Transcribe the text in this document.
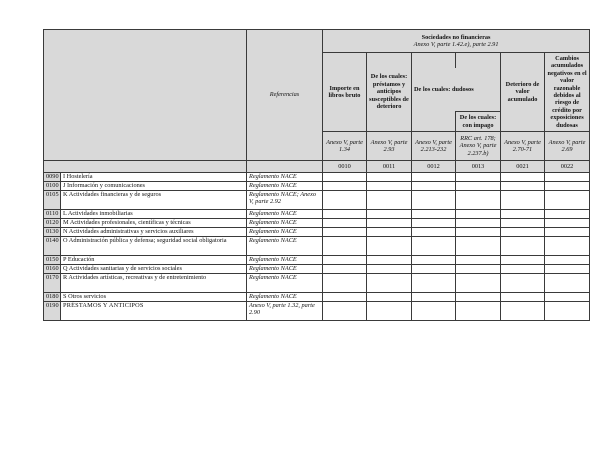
		Referencias	Sociedades no financieras
Anexo V, parte 1.42.e), parte 2.91					

			Importe en libros bruto	De los cuales: préstamos y anticipos susceptibles de deterioro			Deterioro de valor acumulado	Cambios acumulados negativos en el valor razonable debidos al riesgo de crédito por exposiciones dudosas
					De los cuales: dudosos			
						De los cuales: con impago		
			Anexo V, parte 1.34	Anexo V, parte 2.93	Anexo V, parte 2.213-232	RRC art. 178; Anexo V, parte 2.237.b)	Anexo V, parte 2.70-71	Anexo V, parte 2.69
			0010	0011	0012	0013	0021	0022
0090	I Hostelería	Reglamento NACE						
0100	J Información y comunicaciones	Reglamento NACE						
0105	K Actividades financieras y de seguros	Reglamento NACE; Anexo V, parte 2.92						
0110	L Actividades inmobiliarias	Reglamento NACE						
0120	M Actividades profesionales, científicas y técnicas	Reglamento NACE						
0130	N Actividades administrativas y servicios auxiliares	Reglamento NACE						
0140	O Administración pública y defensa; seguridad social obligatoria	Reglamento NACE						
0150	P Educación	Reglamento NACE						
0160	Q Actividades sanitarias y de servicios sociales	Reglamento NACE						
0170	R Actividades artísticas, recreativas y de entretenimiento	Reglamento NACE						
0180	S Otros servicios	Reglamento NACE						
0190	PRÉSTAMOS Y ANTICIPOS	Anexo V, parte 1.32, parte 2.90						
